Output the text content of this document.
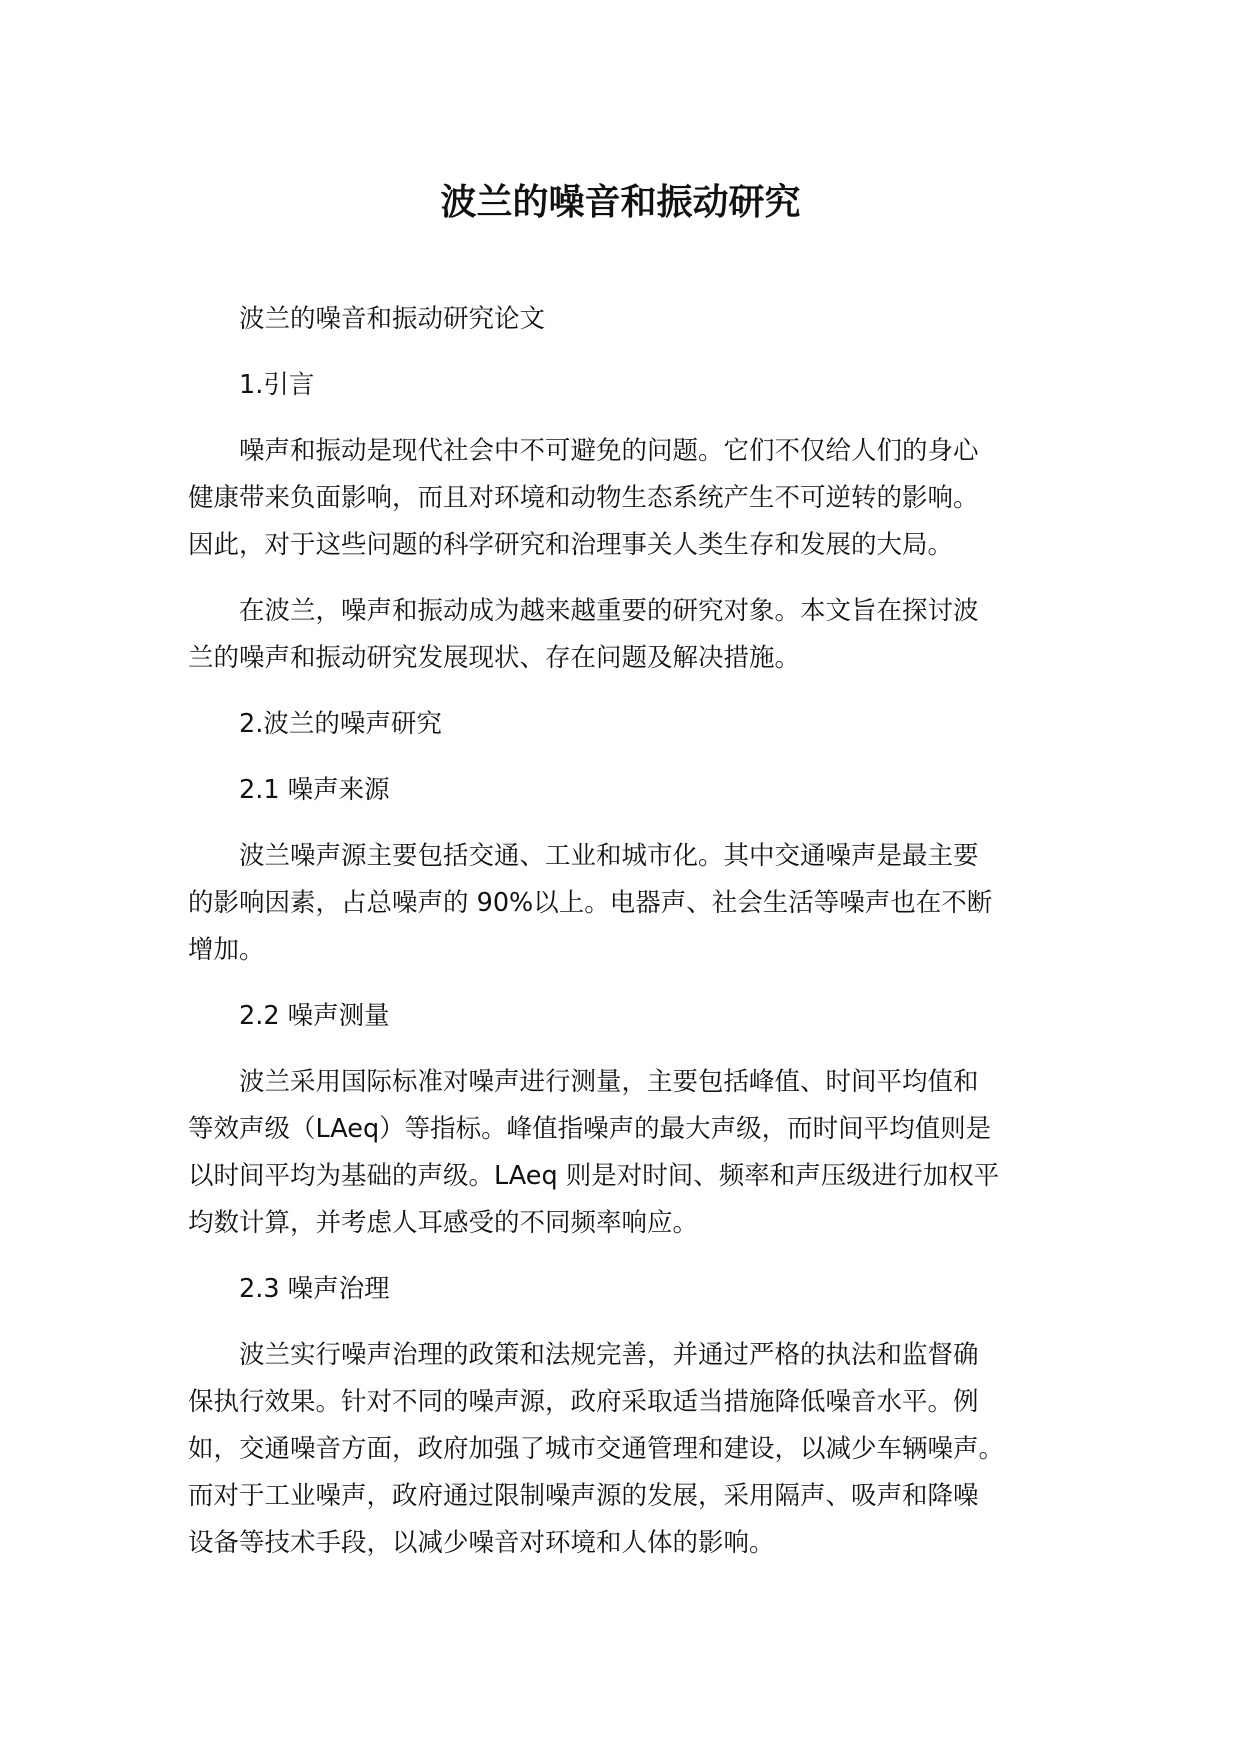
波兰的噪音和振动研究

波兰的噪音和振动研究论文

1.引言

噪声和振动是现代社会中不可避免的问题。它们不仅给人们的身心
健康带来负面影响，而且对环境和动物生态系统产生不可逆转的影响。
因此，对于这些问题的科学研究和治理事关人类生存和发展的大局。

在波兰，噪声和振动成为越来越重要的研究对象。本文旨在探讨波
兰的噪声和振动研究发展现状、存在问题及解决措施。

2.波兰的噪声研究

2.1 噪声来源

波兰噪声源主要包括交通、工业和城市化。其中交通噪声是最主要
的影响因素，占总噪声的 90%以上。电器声、社会生活等噪声也在不断
增加。

2.2 噪声测量

波兰采用国际标准对噪声进行测量，主要包括峰值、时间平均值和
等效声级（LAeq）等指标。峰值指噪声的最大声级，而时间平均值则是
以时间平均为基础的声级。LAeq 则是对时间、频率和声压级进行加权平
均数计算，并考虑人耳感受的不同频率响应。

2.3 噪声治理

波兰实行噪声治理的政策和法规完善，并通过严格的执法和监督确
保执行效果。针对不同的噪声源，政府采取适当措施降低噪音水平。例
如，交通噪音方面，政府加强了城市交通管理和建设，以减少车辆噪声。
而对于工业噪声，政府通过限制噪声源的发展，采用隔声、吸声和降噪
设备等技术手段，以减少噪音对环境和人体的影响。
